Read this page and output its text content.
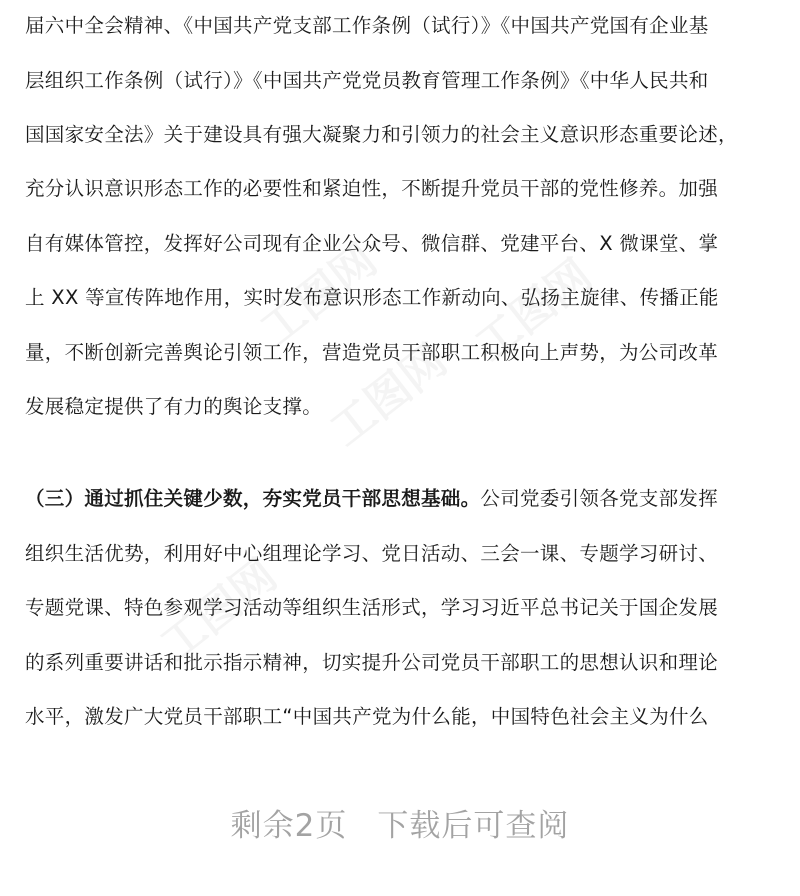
工图网 工图网
工图网
工图网
届六中全会精神、《中国共产党支部工作条例（试行）》《中国共产党国有企业基
层组织工作条例（试行）》《中国共产党党员教育管理工作条例》《中华人民共和
国国家安全法》关于建设具有强大凝聚力和引领力的社会主义意识形态重要论述，
充分认识意识形态工作的必要性和紧迫性，不断提升党员干部的党性修养。加强
自有媒体管控，发挥好公司现有企业公众号、微信群、党建平台、X 微课堂、掌
上 XX 等宣传阵地作用，实时发布意识形态工作新动向、弘扬主旋律、传播正能
量，不断创新完善舆论引领工作，营造党员干部职工积极向上声势，为公司改革
发展稳定提供了有力的舆论支撑。
（三）通过抓住关键少数，夯实党员干部思想基础。公司党委引领各党支部发挥
组织生活优势，利用好中心组理论学习、党日活动、三会一课、专题学习研讨、
专题党课、特色参观学习活动等组织生活形式，学习习近平总书记关于国企发展
的系列重要讲话和批示指示精神，切实提升公司党员干部职工的思想认识和理论
水平，激发广大党员干部职工“中国共产党为什么能，中国特色社会主义为什么
剩余2页 下载后可查阅
